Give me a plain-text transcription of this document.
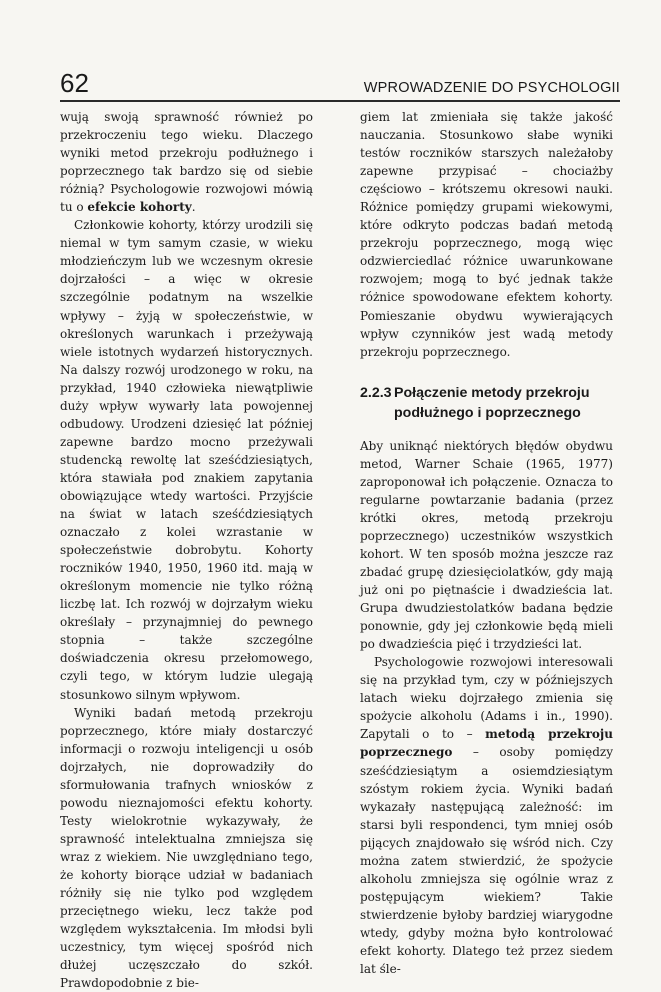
62	WPROWADZENIE DO PSYCHOLOGII

wują swoją sprawność również po przekroczeniu tego wieku. Dlaczego wyniki metod przekroju podłużnego i poprzecznego tak bardzo się od siebie różnią? Psychologowie rozwojowi mówią tu o efekcie kohorty.

Członkowie kohorty, którzy urodzili się niemal w tym samym czasie, w wieku młodzieńczym lub we wczesnym okresie dojrzałości – a więc w okresie szczególnie podatnym na wszelkie wpływy – żyją w społeczeństwie, w określonych warunkach i przeżywają wiele istotnych wydarzeń historycznych. Na dalszy rozwój urodzonego w roku, na przykład, 1940 człowieka niewątpliwie duży wpływ wywarły lata powojennej odbudowy. Urodzeni dziesięć lat później zapewne bardzo mocno przeżywali studencką rewoltę lat sześćdziesiątych, która stawiała pod znakiem zapytania obowiązujące wtedy wartości. Przyjście na świat w latach sześćdziesiątych oznaczało z kolei wzrastanie w społeczeństwie dobrobytu. Kohorty roczników 1940, 1950, 1960 itd. mają w określonym momencie nie tylko różną liczbę lat. Ich rozwój w dojrzałym wieku określały – przynajmniej do pewnego stopnia – także szczególne doświadczenia okresu przełomowego, czyli tego, w którym ludzie ulegają stosunkowo silnym wpływom.

Wyniki badań metodą przekroju poprzecznego, które miały dostarczyć informacji o rozwoju inteligencji u osób dojrzałych, nie doprowadziły do sformułowania trafnych wniosków z powodu nieznajomości efektu kohorty. Testy wielokrotnie wykazywały, że sprawność intelektualna zmniejsza się wraz z wiekiem. Nie uwzględniano tego, że kohorty biorące udział w badaniach różniły się nie tylko pod względem przeciętnego wieku, lecz także pod względem wykształcenia. Im młodsi byli uczestnicy, tym więcej spośród nich dłużej uczęszczało do szkół. Prawdopodobnie z bie-

giem lat zmieniała się także jakość nauczania. Stosunkowo słabe wyniki testów roczników starszych należałoby zapewne przypisać – chociażby częściowo – krótszemu okresowi nauki. Różnice pomiędzy grupami wiekowymi, które odkryto podczas badań metodą przekroju poprzecznego, mogą więc odzwierciedlać różnice uwarunkowane rozwojem; mogą to być jednak także różnice spowodowane efektem kohorty. Pomieszanie obydwu wywierających wpływ czynników jest wadą metody przekroju poprzecznego.

2.2.3 Połączenie metody przekroju
podłużnego i poprzecznego

Aby uniknąć niektórych błędów obydwu metod, Warner Schaie (1965, 1977) zaproponował ich połączenie. Oznacza to regularne powtarzanie badania (przez krótki okres, metodą przekroju poprzecznego) uczestników wszystkich kohort. W ten sposób można jeszcze raz zbadać grupę dziesięciolatków, gdy mają już oni po piętnaście i dwadzieścia lat. Grupa dwudziestolatków badana będzie ponownie, gdy jej członkowie będą mieli po dwadzieścia pięć i trzydzieści lat.

Psychologowie rozwojowi interesowali się na przykład tym, czy w późniejszych latach wieku dojrzałego zmienia się spożycie alkoholu (Adams i in., 1990). Zapytali o to – metodą przekroju poprzecznego – osoby pomiędzy sześćdziesiątym a osiemdziesiątym szóstym rokiem życia. Wyniki badań wykazały następującą zależność: im starsi byli respondenci, tym mniej osób pijących znajdowało się wśród nich. Czy można zatem stwierdzić, że spożycie alkoholu zmniejsza się ogólnie wraz z postępującym wiekiem? Takie stwierdzenie byłoby bardziej wiarygodne wtedy, gdyby można było kontrolować efekt kohorty. Dlatego też przez siedem lat śle-
